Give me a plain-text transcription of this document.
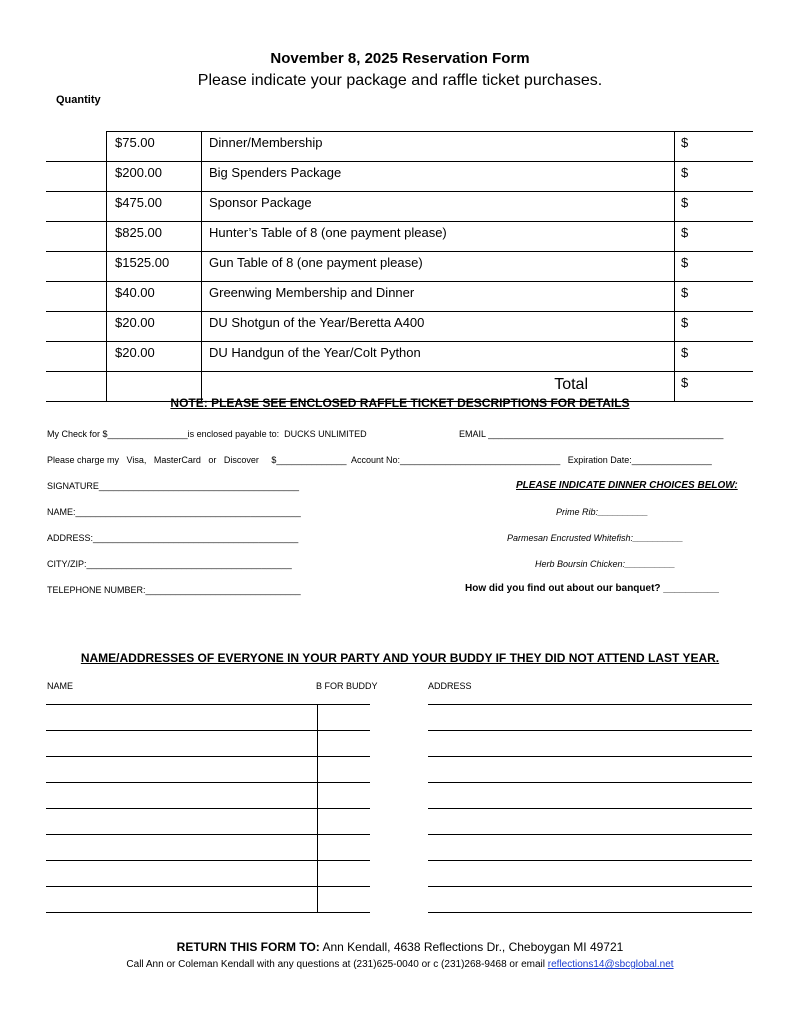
November 8, 2025 Reservation Form
Please indicate your package and raffle ticket purchases.
Quantity
	$75.00	Dinner/Membership	$
	$200.00	Big Spenders Package	$
	$475.00	Sponsor Package	$
	$825.00	Hunter’s Table of 8 (one payment please)	$
	$1525.00	Gun Table of 8 (one payment please)	$
	$40.00	Greenwing Membership and Dinner	$
	$20.00	DU Shotgun of the Year/Beretta A400	$
	$20.00	DU Handgun of the Year/Colt Python	$
		Total	$
NOTE: PLEASE SEE ENCLOSED RAFFLE TICKET DESCRIPTIONS FOR DETAILS
My Check for $________________is enclosed payable to:  DUCKS UNLIMITED	EMAIL _______________________________________________
Please charge my   Visa,   MasterCard   or   Discover     $______________  Account No:________________________________   Expiration Date:________________
SIGNATURE________________________________________
NAME:_____________________________________________
ADDRESS:_________________________________________
CITY/ZIP:_________________________________________
TELEPHONE NUMBER:_______________________________
PLEASE INDICATE DINNER CHOICES BELOW:
Prime Rib:__________
Parmesan Encrusted Whitefish:__________
Herb Boursin Chicken:__________
How did you find out about our banquet? __________
NAME/ADDRESSES OF EVERYONE IN YOUR PARTY AND YOUR BUDDY IF THEY DID NOT ATTEND LAST YEAR.
NAME	B FOR BUDDY	ADDRESS
RETURN THIS FORM TO: Ann Kendall, 4638 Reflections Dr., Cheboygan MI 49721
Call Ann or Coleman Kendall with any questions at (231)625-0040 or c (231)268-9468 or email reflections14@sbcglobal.net
